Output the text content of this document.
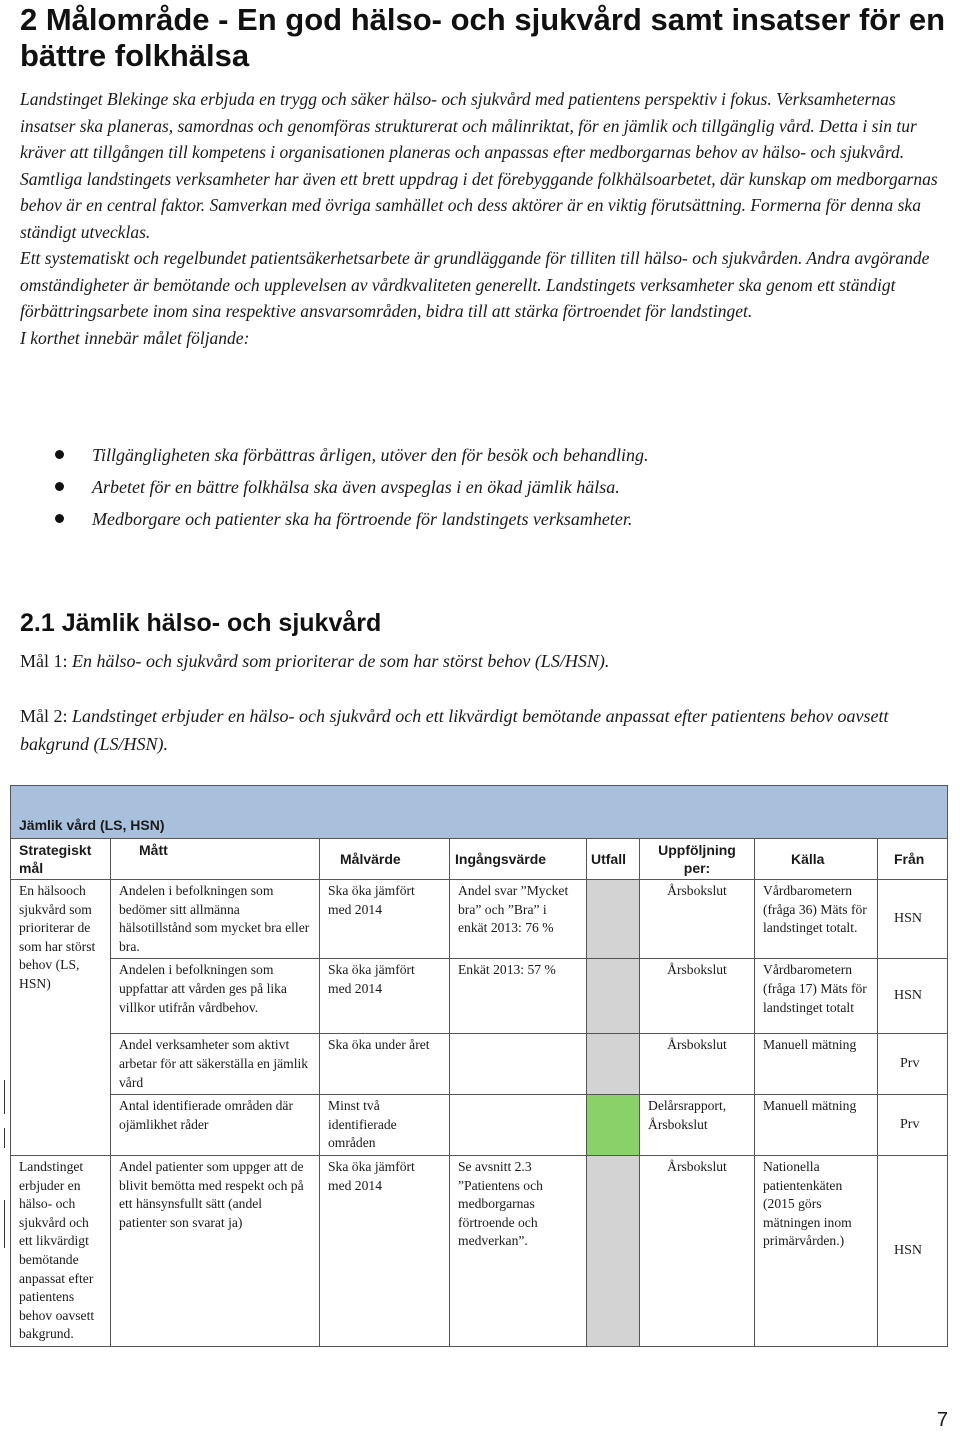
2 Målområde - En god hälso- och sjukvård samt insatser för en bättre folkhälsa

Landstinget Blekinge ska erbjuda en trygg och säker hälso- och sjukvård med patientens perspektiv i fokus. Verksamheternas insatser ska planeras, samordnas och genomföras strukturerat och målinriktat, för en jämlik och tillgänglig vård. Detta i sin tur kräver att tillgången till kompetens i organisationen planeras och anpassas efter medborgarnas behov av hälso- och sjukvård.

Samtliga landstingets verksamheter har även ett brett uppdrag i det förebyggande folkhälsoarbetet, där kunskap om medborgarnas behov är en central faktor. Samverkan med övriga samhället och dess aktörer är en viktig förutsättning. Formerna för denna ska ständigt utvecklas.

Ett systematiskt och regelbundet patientsäkerhetsarbete är grundläggande för tilliten till hälso- och sjukvården. Andra avgörande omständigheter är bemötande och upplevelsen av vårdkvaliteten generellt. Landstingets verksamheter ska genom ett ständigt förbättringsarbete inom sina respektive ansvarsområden, bidra till att stärka förtroendet för landstinget.

I korthet innebär målet följande:

Tillgängligheten ska förbättras årligen, utöver den för besök och behandling.
Arbetet för en bättre folkhälsa ska även avspeglas i en ökad jämlik hälsa.
Medborgare och patienter ska ha förtroende för landstingets verksamheter.
2.1 Jämlik hälso- och sjukvård
Mål 1: En hälso- och sjukvård som prioriterar de som har störst behov (LS/HSN).
Mål 2: Landstinget erbjuder en hälso- och sjukvård och ett likvärdigt bemötande anpassat efter patientens behov oavsett bakgrund (LS/HSN).

Jämlik vård (LS, HSN)							
Strategiskt mål	Mått	Målvärde	Ingångsvärde	Utfall	Uppföljning per:	Källa	Från
En hälsooch sjukvård som prioriterar de som har störst behov (LS, HSN)	Andelen i befolkningen som bedömer sitt allmänna hälsotillstånd som mycket bra eller bra.	Ska öka jämfört med 2014	Andel svar ”Mycket bra” och ”Bra” i enkät 2013: 76 %		Årsbokslut	Vårdbarometern (fråga 36) Mäts för landstinget totalt.	HSN
	Andelen i befolkningen som uppfattar att vården ges på lika villkor utifrån vårdbehov.	Ska öka jämfört med 2014	Enkät 2013: 57 %		Årsbokslut	Vårdbarometern (fråga 17) Mäts för landstinget totalt	HSN
	Andel verksamheter som aktivt arbetar för att säkerställa en jämlik vård	Ska öka under året			Årsbokslut	Manuell mätning	Prv
	Antal identifierade områden där ojämlikhet råder	Minst två identifierade områden			Delårsrapport, Årsbokslut	Manuell mätning	Prv
Landstinget erbjuder en hälso- och sjukvård och ett likvärdigt bemötande anpassat efter patientens behov oavsett bakgrund.	Andel patienter som uppger att de blivit bemötta med respekt och på ett hänsynsfullt sätt (andel patienter son svarat ja)	Ska öka jämfört med 2014	Se avsnitt 2.3 ”Patientens och medborgarnas förtroende och medverkan”.		Årsbokslut	Nationella patientenkäten (2015 görs mätningen inom primärvården.)	HSN
7
